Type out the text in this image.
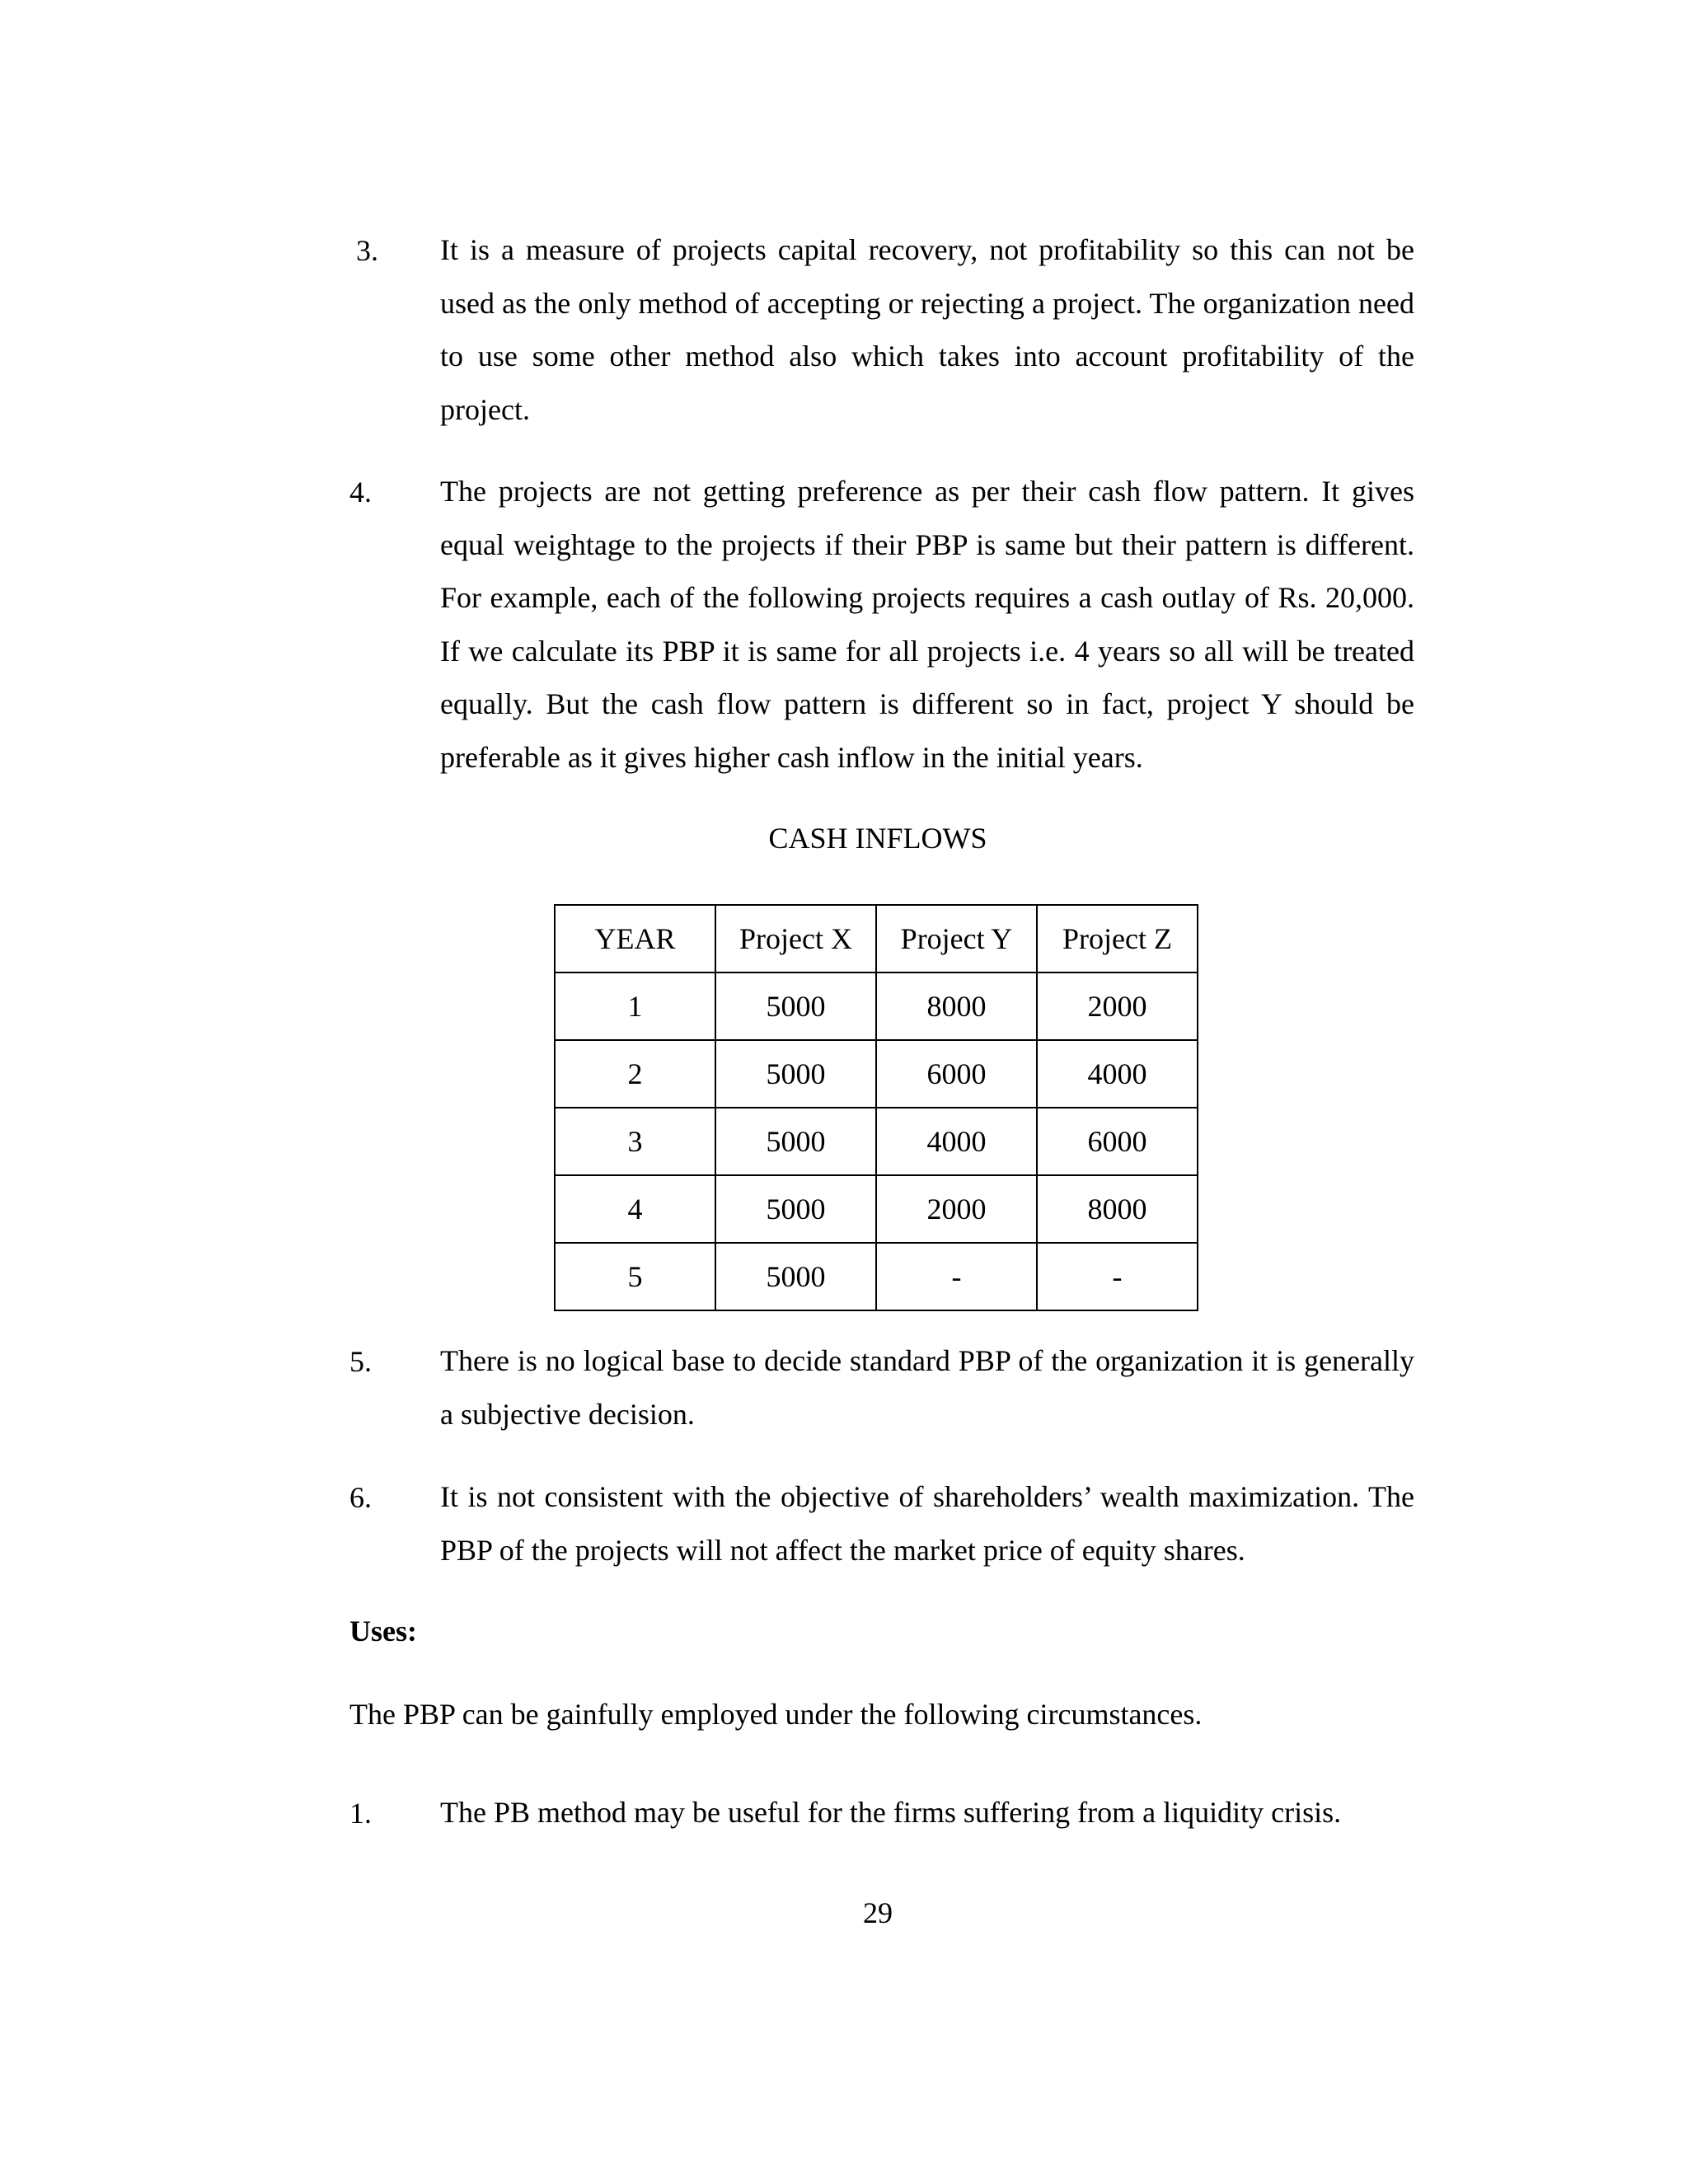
3. It is a measure of projects capital recovery, not profitability so this can not be used as the only method of accepting or rejecting a project. The organization need to use some other method also which takes into account profitability of the project.
4. The projects are not getting preference as per their cash flow pattern. It gives equal weightage to the projects if their PBP is same but their pattern is different. For example, each of the following projects requires a cash outlay of Rs. 20,000. If we calculate its PBP it is same for all projects i.e. 4 years so all will be treated equally. But the cash flow pattern is different so in fact, project Y should be preferable as it gives higher cash inflow in the initial years.
CASH INFLOWS
YEAR	Project X	Project Y	Project Z
1	5000	8000	2000
2	5000	6000	4000
3	5000	4000	6000
4	5000	2000	8000
5	5000	-	-
5. There is no logical base to decide standard PBP of the organization it is generally a subjective decision.
6. It is not consistent with the objective of shareholders’ wealth maximization. The PBP of the projects will not affect the market price of equity shares.
Uses:
The PBP can be gainfully employed under the following circumstances.
1. The PB method may be useful for the firms suffering from a liquidity crisis.
29
